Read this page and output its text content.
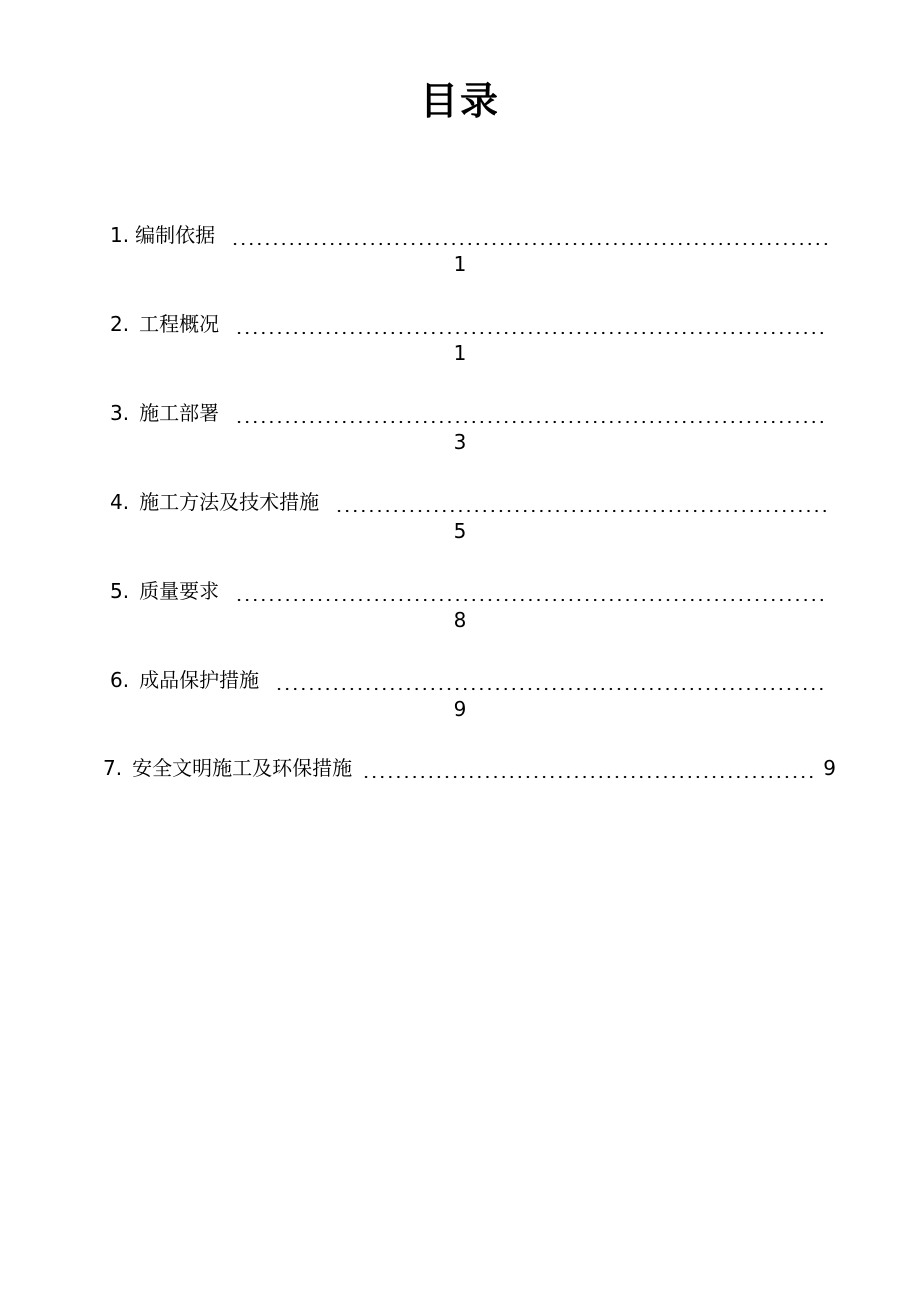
目录
1. 编制依据
1
2. 工程概况
1
3. 施工部署
3
4. 施工方法及技术措施
5
5. 质量要求
8
6. 成品保护措施
9
7. 安全文明施工及环保措施	9
